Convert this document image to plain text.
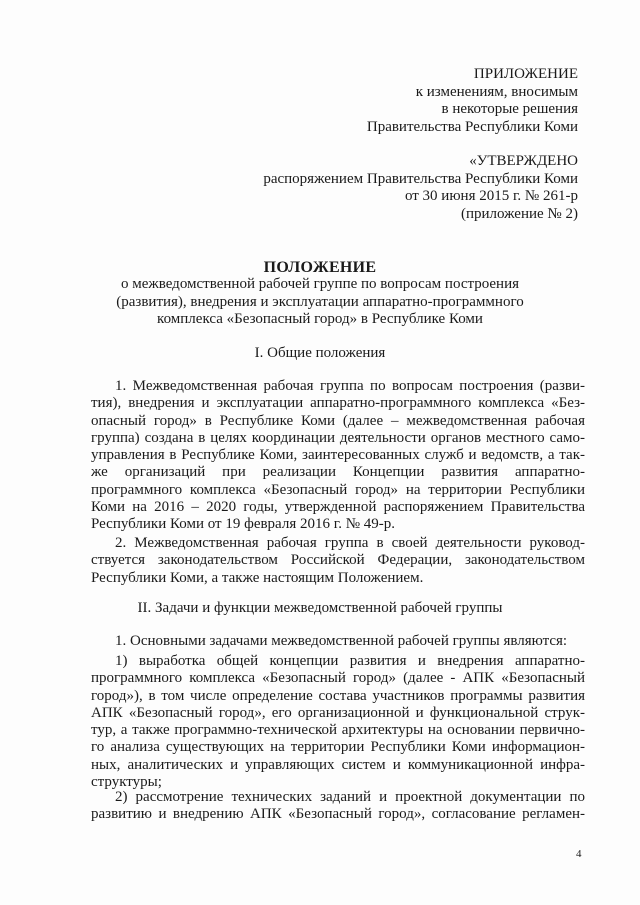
ПРИЛОЖЕНИЕ
к изменениям, вносимым
в некоторые решения
Правительства Республики Коми
«УТВЕРЖДЕНО
распоряжением Правительства Республики Коми
от 30 июня 2015 г. № 261-р
(приложение № 2)
ПОЛОЖЕНИЕ
о межведомственной рабочей группе по вопросам построения
(развития), внедрения и эксплуатации аппаратно-программного
комплекса «Безопасный город» в Республике Коми
I. Общие положения
1. Межведомственная рабочая группа по вопросам построения (разви-
тия), внедрения и эксплуатации аппаратно-программного комплекса «Без-
опасный город» в Республике Коми (далее – межведомственная рабочая
группа) создана в целях координации деятельности органов местного само-
управления в Республике Коми, заинтересованных служб и ведомств, а так-
же организаций при реализации Концепции развития аппаратно-
программного комплекса «Безопасный город» на территории Республики
Коми на 2016 – 2020 годы, утвержденной распоряжением Правительства
Республики Коми от 19 февраля 2016 г. № 49-р.
2. Межведомственная рабочая группа в своей деятельности руковод-
ствуется законодательством Российской Федерации, законодательством
Республики Коми, а также настоящим Положением.
II. Задачи и функции межведомственной рабочей группы
1. Основными задачами межведомственной рабочей группы являются:
1) выработка общей концепции развития и внедрения аппаратно-
программного комплекса «Безопасный город» (далее - АПК «Безопасный
город»), в том числе определение состава участников программы развития
АПК «Безопасный город», его организационной и функциональной струк-
тур, а также программно-технической архитектуры на основании первично-
го анализа существующих на территории Республики Коми информацион-
ных, аналитических и управляющих систем и коммуникационной инфра-
структуры;
2) рассмотрение технических заданий и проектной документации по
развитию и внедрению АПК «Безопасный город», согласование регламен-
4
